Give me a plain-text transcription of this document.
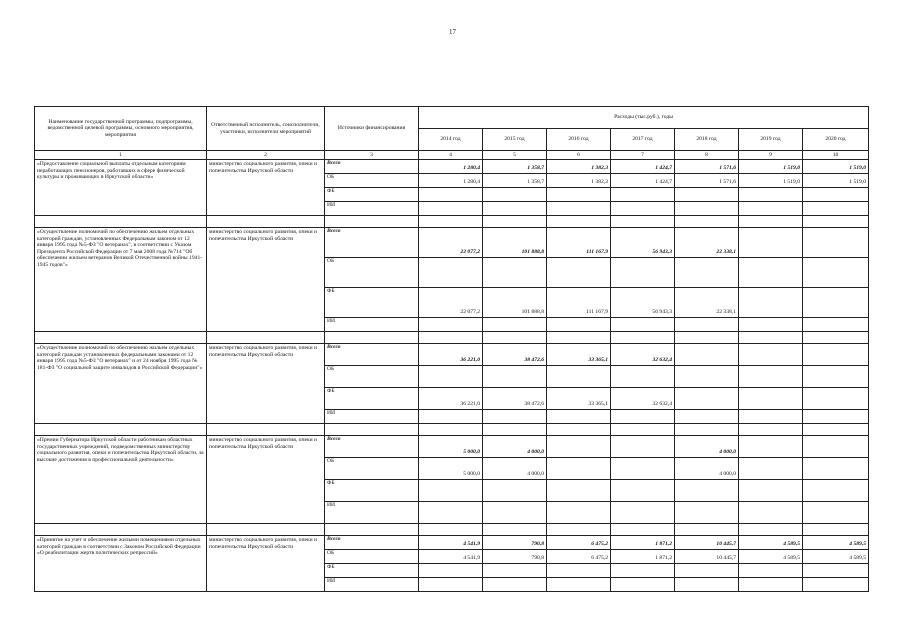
17
Наименование государственной программы, подпрограммы, ведомственной целевой программы, основного мероприятия, мероприятия	Ответственный исполнитель, соисполнители, участники, исполнители мероприятий	Источники финансирования	Расходы (тыс.руб.), годы						
			2014 год	2015 год	2016 год	2017 год	2018 год	2019 год	2020 год
1	2	3	4	5	6	7	8	9	10
«Предоставление социальной выплаты отдельным категориям неработающих пенсионеров, работавших в сфере физической культуры и проживающих в Иркутской области»	министерство социального развития, опеки и попечительства Иркутской области	Всего	1 280,4	1 358,7	1 382,3	1 424,7	1 571,6	1 519,0	1 519,0
		ОБ	1 280,4	1 358,7	1 382,3	1 424,7	1 571,6	1 519,0	1 519,0
		ФБ							
		ИИ							

«Осуществление полномочий по обеспечению жильем отдельных категорий граждан, установленных Федеральным законом от 12 января 1995 года №5-ФЗ "О ветеранах", в соответствии с Указом Президента Российской Федерации от 7 мая 2008 года №714 "Об обеспечении жильем ветеранов Великой Отечественной войны 1941-1945 годов"»	министерство социального развития, опеки и попечительства Иркутской области	Всего	22 077,2	101 888,8	111 167,9	56 943,3	22 338,1		
		ОБ							
		ФБ	22 077,2	101 888,8	111 167,9	56 943,3	22 338,1		
		ИИ							

«Осуществление полномочий по обеспечению жильем отдельных категорий граждан установленных федеральными законами от 12 января 1995 года №5-ФЗ "О ветеранах" и от 24 ноября 1995 года № 181-ФЗ "О социальной защите инвалидов в Российской Федерации"»	министерство социального развития, опеки и попечительства Иркутской области	Всего	36 221,0	38 472,6	33 365,1	32 632,4			
		ОБ							
		ФБ	36 221,0	38 472,6	33 365,1	32 632,4			
		ИИ							

«Премии Губернатора Иркутской области работникам областных государственных учреждений, подведомственных министерству социального развития, опеки и попечительства Иркутской области, за высокие достижения в профессиональной деятельности»	министерство социального развития, опеки и попечительства Иркутской области	Всего	5 000,0	4 000,0			4 000,0		
		ОБ	5 000,0	4 000,0			4 000,0		
		ФБ							
		ИИ							

«Принятие на учет и обеспечение жилыми помещениями отдельных категорий граждан в соответствии с Законом Российской Федерации «О реабилитации жертв политических репрессий»	министерство социального развития, опеки и попечительства Иркутской области	Всего	4 541,9	790,8	6 475,2	1 871,2	10 445,7	4 589,5	4 589,5
		ОБ	4 541,9	790,8	6 475,2	1 871,2	10 445,7	4 589,5	4 589,5
		ФБ							
		ИИ							
